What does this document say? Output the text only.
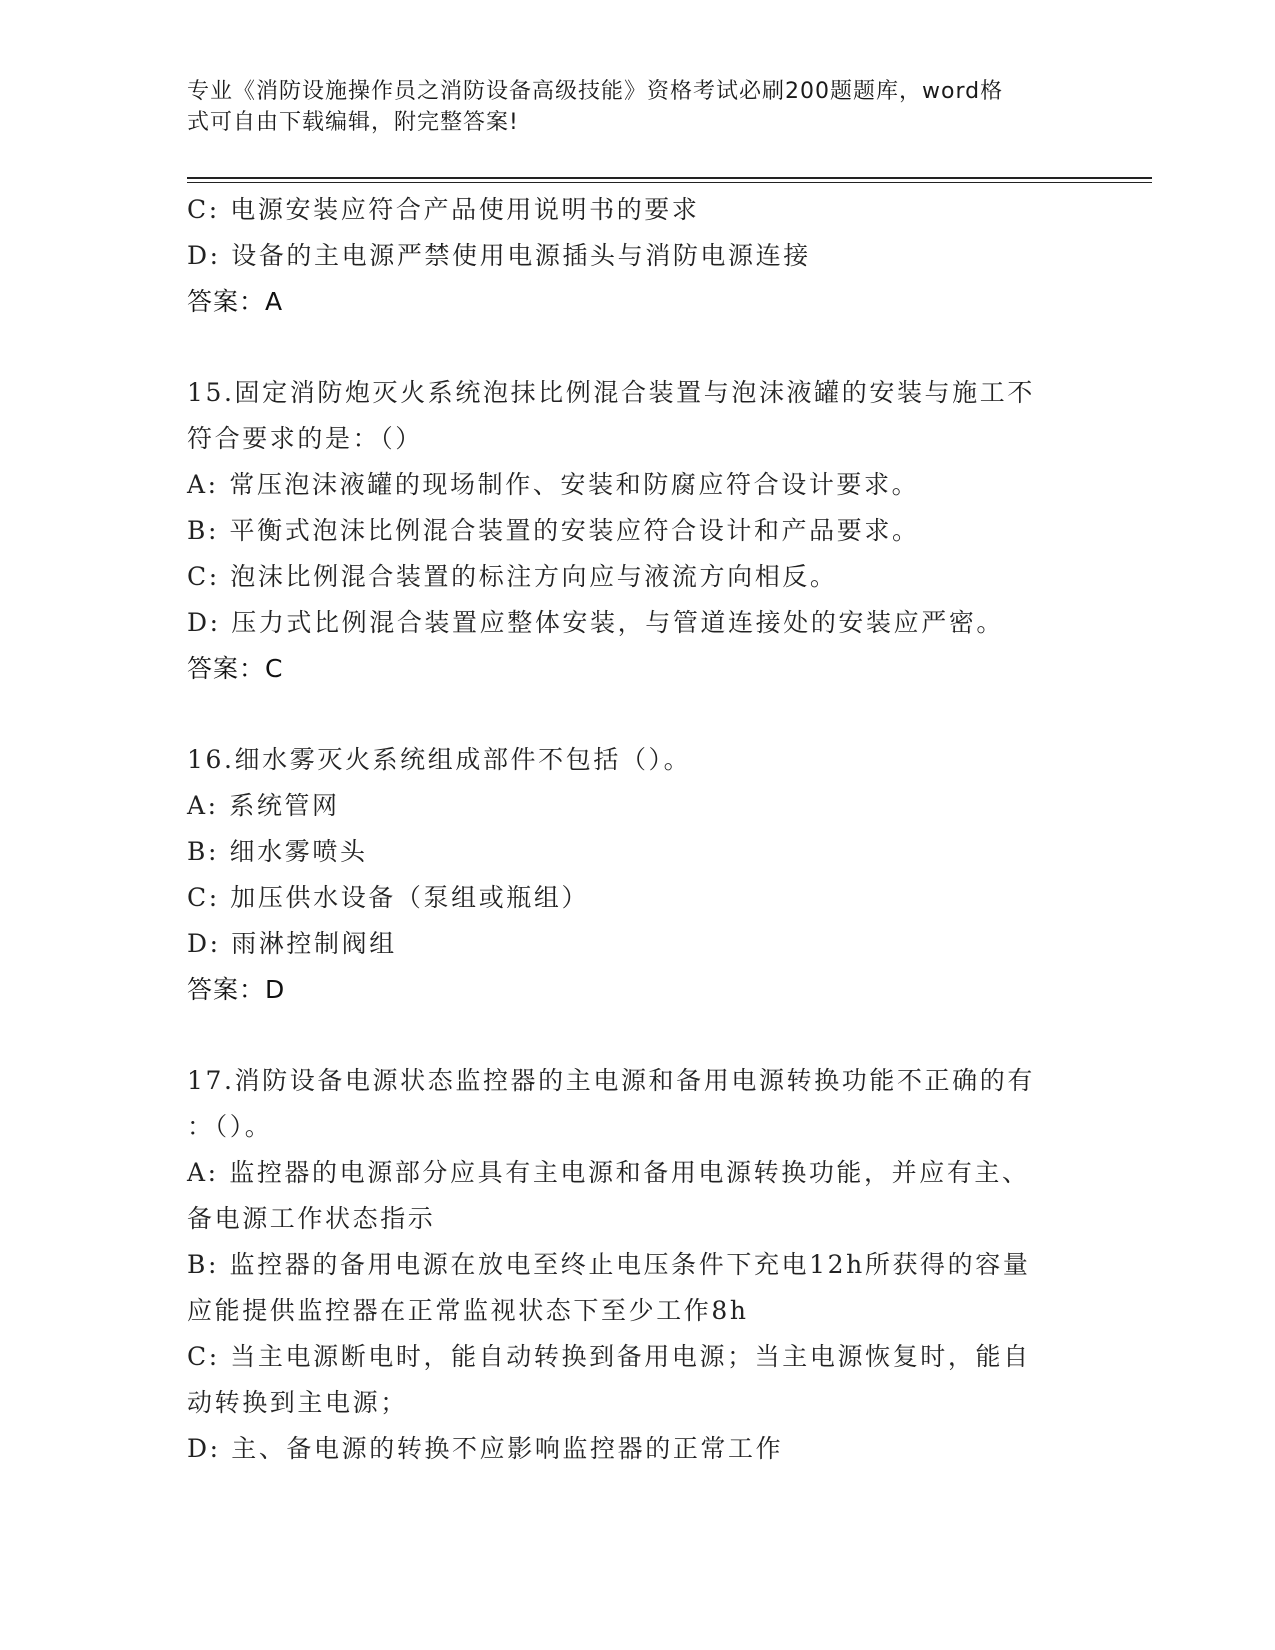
专业《消防设施操作员之消防设备高级技能》资格考试必刷200题题库，word格
式可自由下载编辑，附完整答案!
C: 电源安装应符合产品使用说明书的要求
D: 设备的主电源严禁使用电源插头与消防电源连接
答案：A
15.固定消防炮灭火系统泡抹比例混合装置与泡沫液罐的安装与施工不
符合要求的是：（）
A: 常压泡沫液罐的现场制作、安装和防腐应符合设计要求。
B: 平衡式泡沫比例混合装置的安装应符合设计和产品要求。
C: 泡沫比例混合装置的标注方向应与液流方向相反。
D: 压力式比例混合装置应整体安装，与管道连接处的安装应严密。
答案：C
16.细水雾灭火系统组成部件不包括（）。
A: 系统管网
B: 细水雾喷头
C: 加压供水设备（泵组或瓶组）
D: 雨淋控制阀组
答案：D
17.消防设备电源状态监控器的主电源和备用电源转换功能不正确的有
：（）。
A: 监控器的电源部分应具有主电源和备用电源转换功能，并应有主、
备电源工作状态指示
B: 监控器的备用电源在放电至终止电压条件下充电12h所获得的容量
应能提供监控器在正常监视状态下至少工作8h
C: 当主电源断电时，能自动转换到备用电源；当主电源恢复时，能自
动转换到主电源；
D: 主、备电源的转换不应影响监控器的正常工作
